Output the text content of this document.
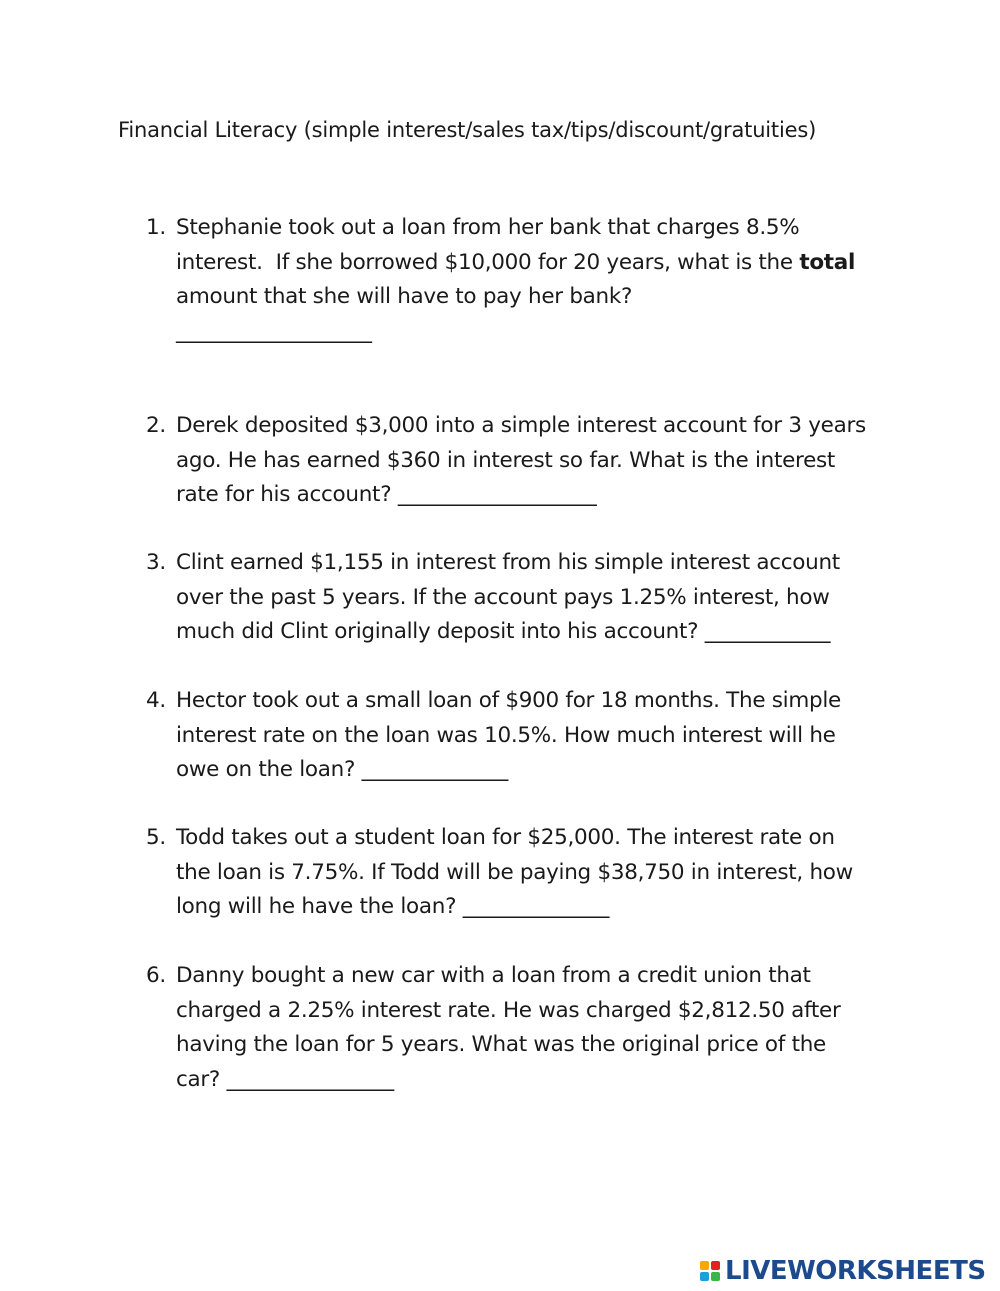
Financial Literacy (simple interest/sales tax/tips/discount/gratuities)
1. Stephanie took out a loan from her bank that charges 8.5%

interest.  If she borrowed $10,000 for 20 years, what is the total

amount that she will have to pay her bank?

____________________

2. Derek deposited $3,000 into a simple interest account for 3 years

ago. He has earned $360 in interest so far. What is the interest

rate for his account? ___________________

3. Clint earned $1,155 in interest from his simple interest account

over the past 5 years. If the account pays 1.25% interest, how

much did Clint originally deposit into his account? ____________

4. Hector took out a small loan of $900 for 18 months. The simple

interest rate on the loan was 10.5%. How much interest will he

owe on the loan? ______________

5. Todd takes out a student loan for $25,000. The interest rate on

the loan is 7.75%. If Todd will be paying $38,750 in interest, how

long will he have the loan? ______________

6. Danny bought a new car with a loan from a credit union that

charged a 2.25% interest rate. He was charged $2,812.50 after

having the loan for 5 years. What was the original price of the

car? ________________

LIVEWORKSHEETS
